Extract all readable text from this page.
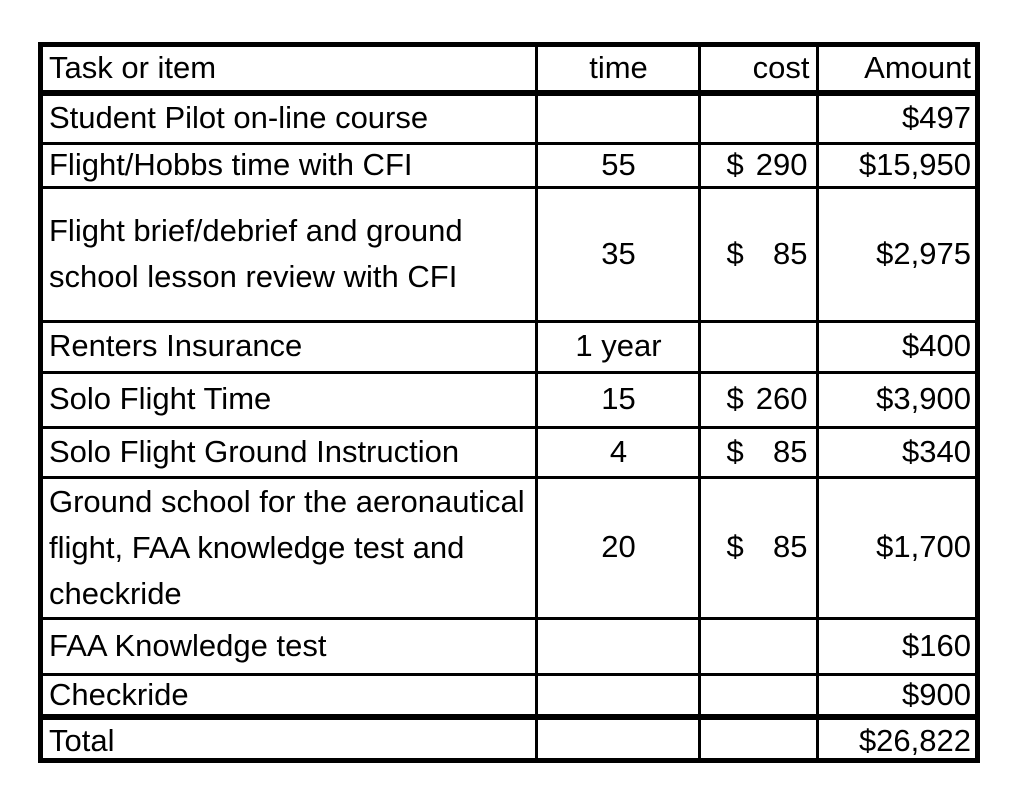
Task or item	time	cost	Amount
Student Pilot on-line course			$497
Flight/Hobbs time with CFI	55	$ 290	$15,950
Flight brief/debrief and ground school lesson review with CFI	35	$ 85	$2,975
Renters Insurance	1 year		$400
Solo Flight Time	15	$ 260	$3,900
Solo Flight Ground Instruction	4	$ 85	$340
Ground school for the aeronautical flight, FAA knowledge test and checkride	20	$ 85	$1,700
FAA Knowledge test			$160
Checkride			$900
Total			$26,822
